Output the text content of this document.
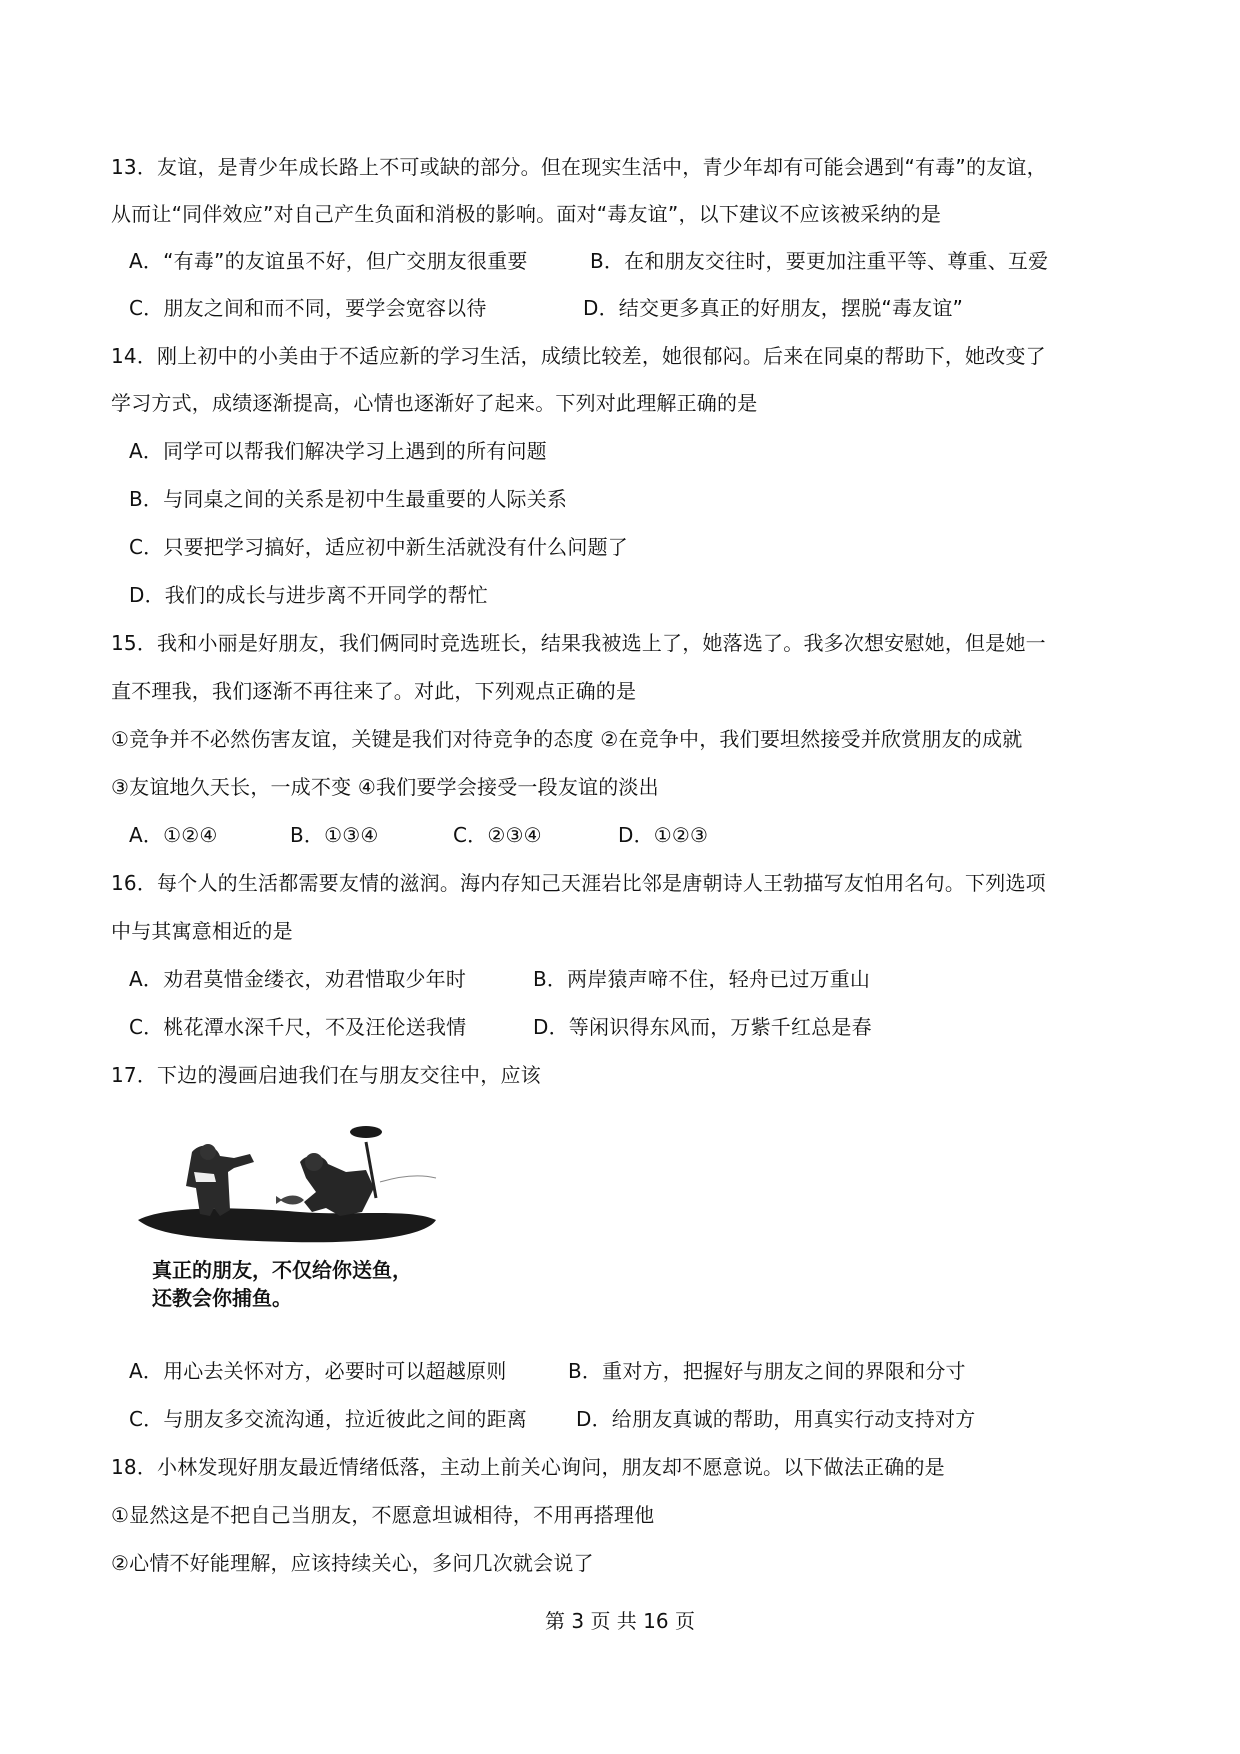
13．友谊，是青少年成长路上不可或缺的部分。但在现实生活中，青少年却有可能会遇到“有毒”的友谊，
从而让“同伴效应”对自己产生负面和消极的影响。面对“毒友谊”，以下建议不应该被采纳的是
A．“有毒”的友谊虽不好，但广交朋友很重要	B．在和朋友交往时，要更加注重平等、尊重、互爱
C．朋友之间和而不同，要学会宽容以待	D．结交更多真正的好朋友，摆脱“毒友谊”
14．刚上初中的小美由于不适应新的学习生活，成绩比较差，她很郁闷。后来在同桌的帮助下，她改变了
学习方式，成绩逐渐提高，心情也逐渐好了起来。下列对此理解正确的是
A．同学可以帮我们解决学习上遇到的所有问题
B．与同桌之间的关系是初中生最重要的人际关系
C．只要把学习搞好，适应初中新生活就没有什么问题了
D．我们的成长与进步离不开同学的帮忙
15．我和小丽是好朋友，我们俩同时竞选班长，结果我被选上了，她落选了。我多次想安慰她，但是她一
直不理我，我们逐渐不再往来了。对此，下列观点正确的是
①竞争并不必然伤害友谊，关键是我们对待竞争的态度 ②在竞争中，我们要坦然接受并欣赏朋友的成就
③友谊地久天长，一成不变 ④我们要学会接受一段友谊的淡出
A．①②④	B．①③④	C．②③④	D．①②③
16．每个人的生活都需要友情的滋润。海内存知己天涯岩比邻是唐朝诗人王勃描写友怕用名句。下列选项
中与其寓意相近的是
A．劝君莫惜金缕衣，劝君惜取少年时	B．两岸猿声啼不住，轻舟已过万重山
C．桃花潭水深千尺，不及汪伦送我情	D．等闲识得东风而，万紫千红总是春
17．下边的漫画启迪我们在与朋友交往中，应该
真正的朋友，不仅给你送鱼，
还教会你捕鱼。
A．用心去关怀对方，必要时可以超越原则	B．重对方，把握好与朋友之间的界限和分寸
C．与朋友多交流沟通，拉近彼此之间的距离 D．给朋友真诚的帮助，用真实行动支持对方
18．小林发现好朋友最近情绪低落，主动上前关心询问，朋友却不愿意说。以下做法正确的是
①显然这是不把自己当朋友，不愿意坦诚相待，不用再搭理他
②心情不好能理解，应该持续关心，多问几次就会说了
第 3 页 共 16 页
